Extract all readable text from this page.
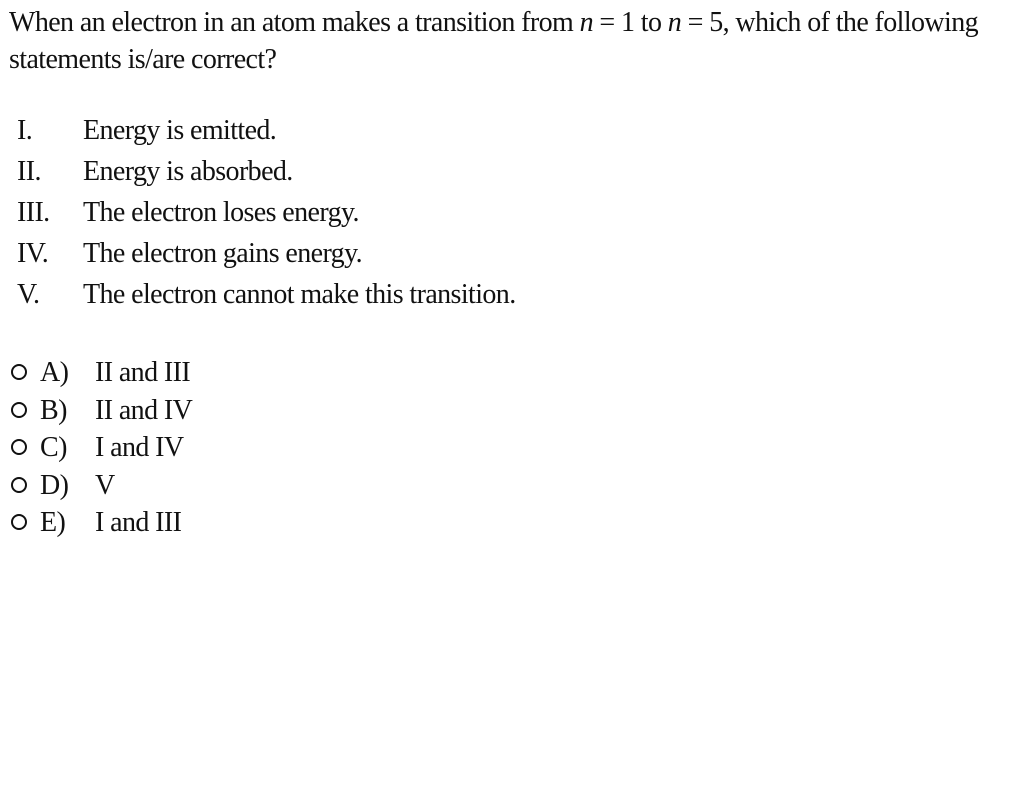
When an electron in an atom makes a transition from n = 1 to n = 5, which of the following statements is/are correct?
I. Energy is emitted.
II. Energy is absorbed.
III. The electron loses energy.
IV. The electron gains energy.
V. The electron cannot make this transition.
A) II and III
B) II and IV
C) I and IV
D) V
E) I and III
